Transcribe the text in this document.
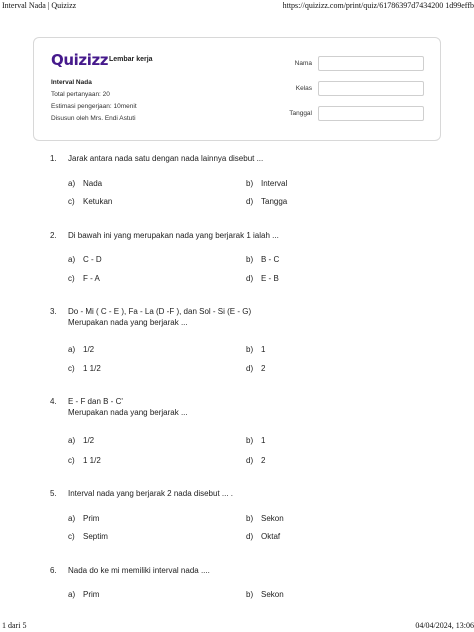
Interval Nada | Quizizz	https://quizizz.com/print/quiz/61786397d7434200 1d99effb
Quizizz Lembar kerja
Interval Nada
Total pertanyaan: 20
Estimasi pengerjaan: 10menit
Disusun oleh Mrs. Endi Astuti
Nama
Kelas
Tanggal
1. Jarak antara nada satu dengan nada lainnya disebut ...
a) Nada	b) Interval
c) Ketukan	d) Tangga
2. Di bawah ini yang merupakan nada yang berjarak 1 ialah ...
a) C - D	b) B - C
c) F - A	d) E - B
3. Do - Mi ( C - E ), Fa - La (D -F ), dan Sol - Si (E - G)
Merupakan nada yang berjarak ...
a) 1/2	b) 1
c) 1 1/2	d) 2
4. E - F dan B - C'
Merupakan nada yang berjarak ...
a) 1/2	b) 1
c) 1 1/2	d) 2
5. Interval nada yang berjarak 2 nada disebut ... .
a) Prim	b) Sekon
c) Septim	d) Oktaf
6. Nada do ke mi memiliki interval nada ....
a) Prim	b) Sekon
1 dari 5	04/04/2024, 13:06
